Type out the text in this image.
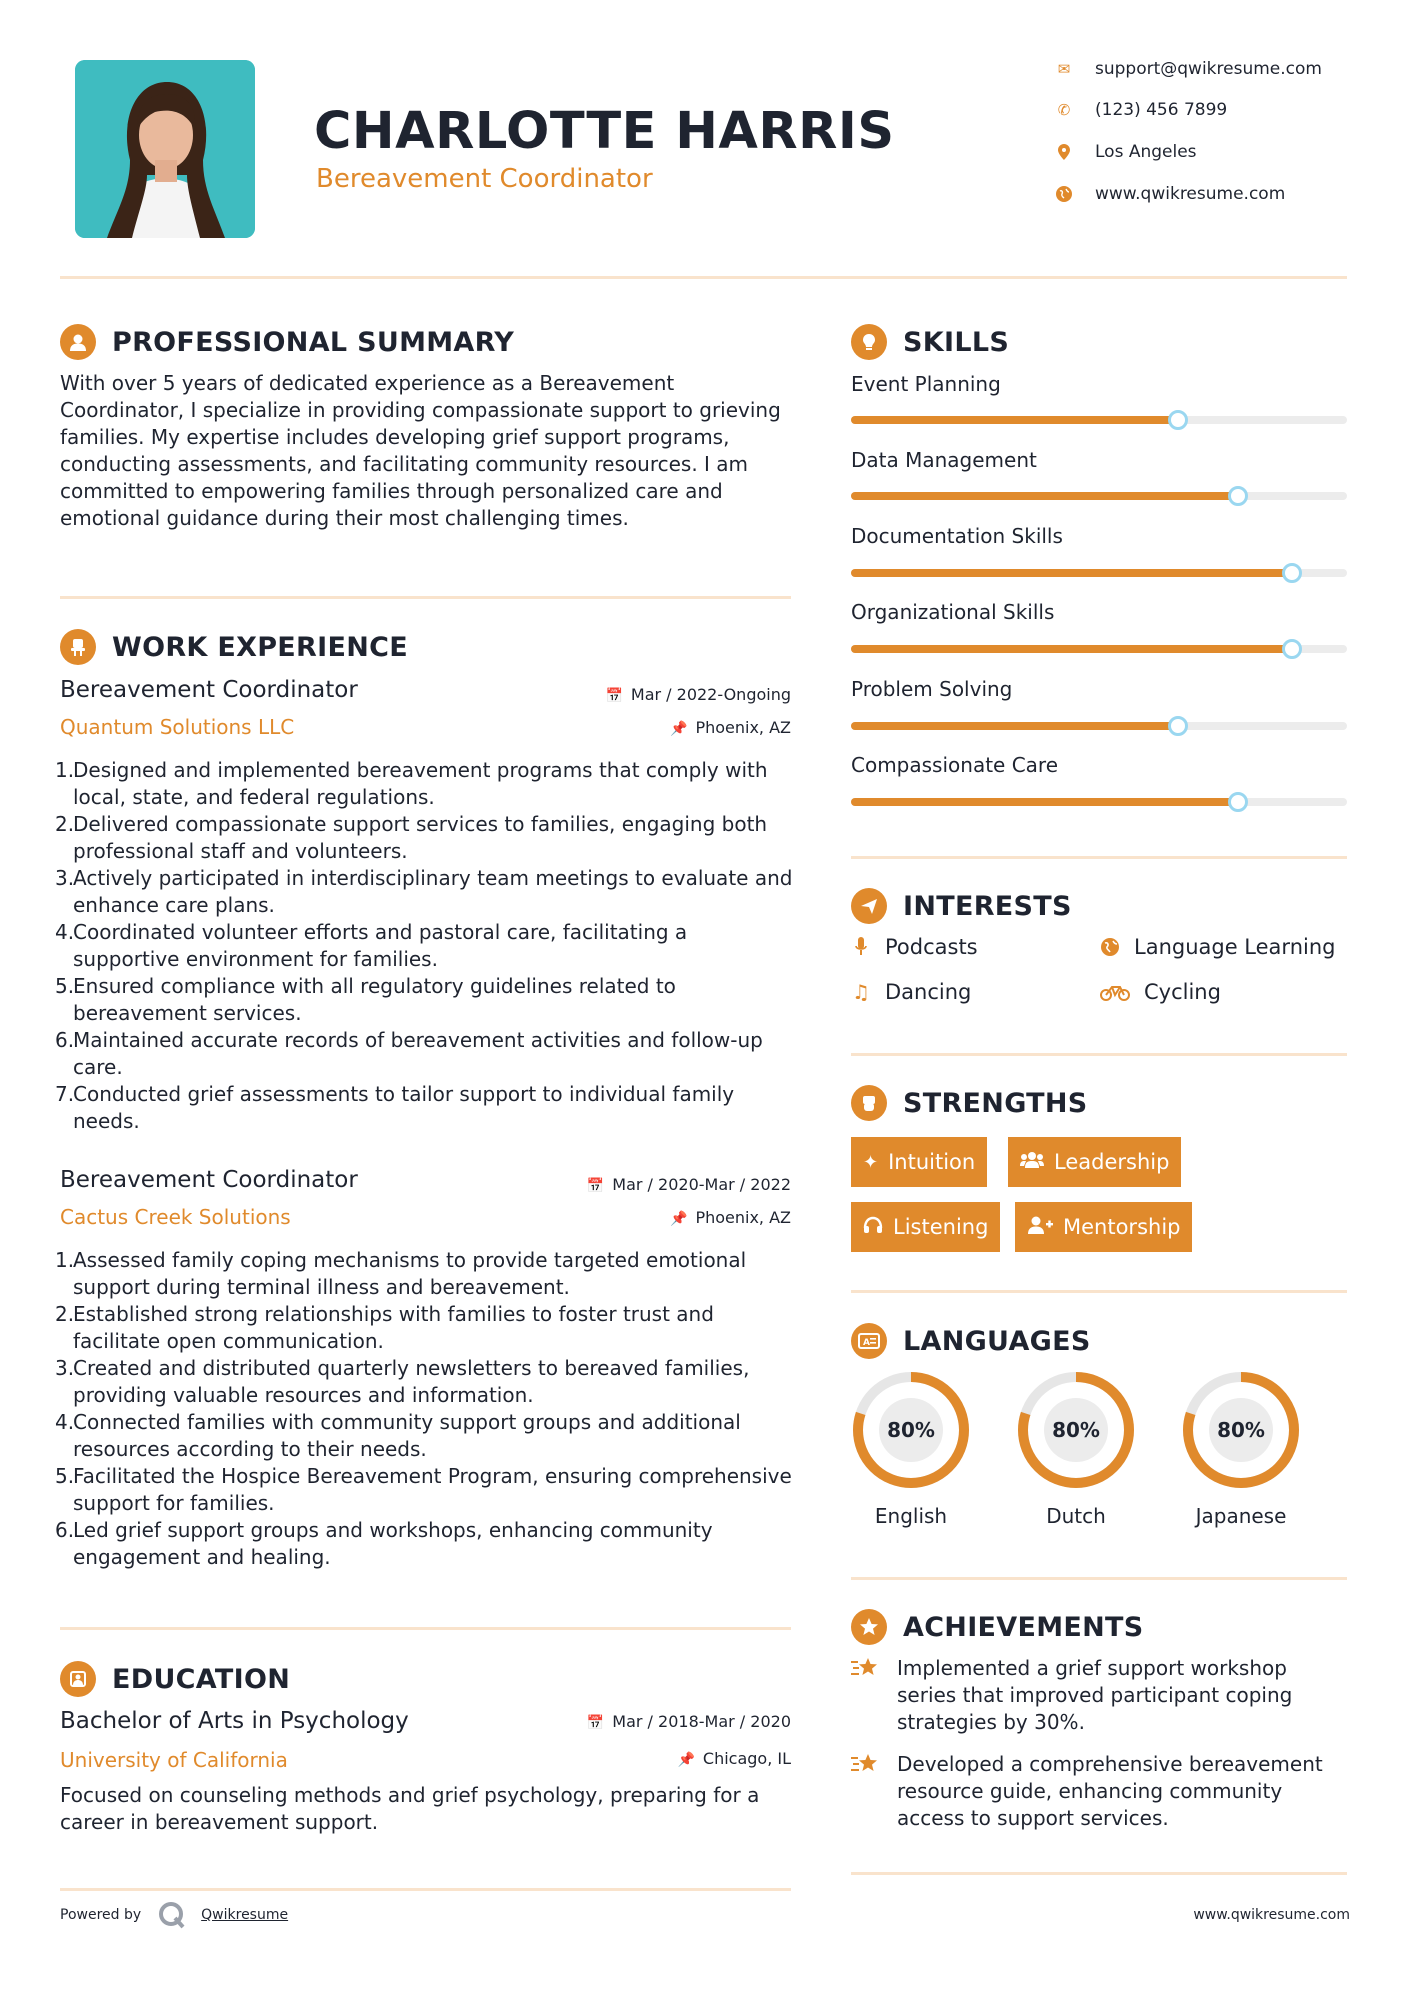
CHARLOTTE HARRIS
Bereavement Coordinator
✉ support@qwikresume.com
✆ (123) 456 7899
Los Angeles
www.qwikresume.com
PROFESSIONAL SUMMARY
With over 5 years of dedicated experience as a Bereavement Coordinator, I specialize in providing compassionate support to grieving families. My expertise includes developing grief support programs, conducting assessments, and facilitating community resources. I am committed to empowering families through personalized care and emotional guidance during their most challenging times.
WORK EXPERIENCE
Bereavement Coordinator	📅 Mar / 2022-Ongoing
Quantum Solutions LLC	📌 Phoenix, AZ
1.
Designed and implemented bereavement programs that comply with local, state, and federal regulations.
2.
Delivered compassionate support services to families, engaging both professional staff and volunteers.
3.
Actively participated in interdisciplinary team meetings to evaluate and enhance care plans.
4.
Coordinated volunteer efforts and pastoral care, facilitating a supportive environment for families.
5.
Ensured compliance with all regulatory guidelines related to bereavement services.
6.
Maintained accurate records of bereavement activities and follow-up care.
7.
Conducted grief assessments to tailor support to individual family needs.
Bereavement Coordinator	📅 Mar / 2020-Mar / 2022
Cactus Creek Solutions	📌 Phoenix, AZ
1.
Assessed family coping mechanisms to provide targeted emotional support during terminal illness and bereavement.
2.
Established strong relationships with families to foster trust and facilitate open communication.
3.
Created and distributed quarterly newsletters to bereaved families, providing valuable resources and information.
4.
Connected families with community support groups and additional resources according to their needs.
5.
Facilitated the Hospice Bereavement Program, ensuring comprehensive support for families.
6.
Led grief support groups and workshops, enhancing community engagement and healing.
EDUCATION
Bachelor of Arts in Psychology	📅 Mar / 2018-Mar / 2020
University of California	📌 Chicago, IL
Focused on counseling methods and grief psychology, preparing for a career in bereavement support.
SKILLS
Event Planning
Data Management
Documentation Skills
Organizational Skills
Problem Solving
Compassionate Care
INTERESTS
Podcasts	Language Learning
♫ Dancing	Cycling
STRENGTHS
✦ Intuition	Leadership
Listening	Mentorship
A LANGUAGES
80%
English
80%
Dutch
80%
Japanese
ACHIEVEMENTS
Implemented a grief support workshop series that improved participant coping strategies by 30%.
Developed a comprehensive bereavement resource guide, enhancing community access to support services.
Powered by	Qwikresume	www.qwikresume.com
